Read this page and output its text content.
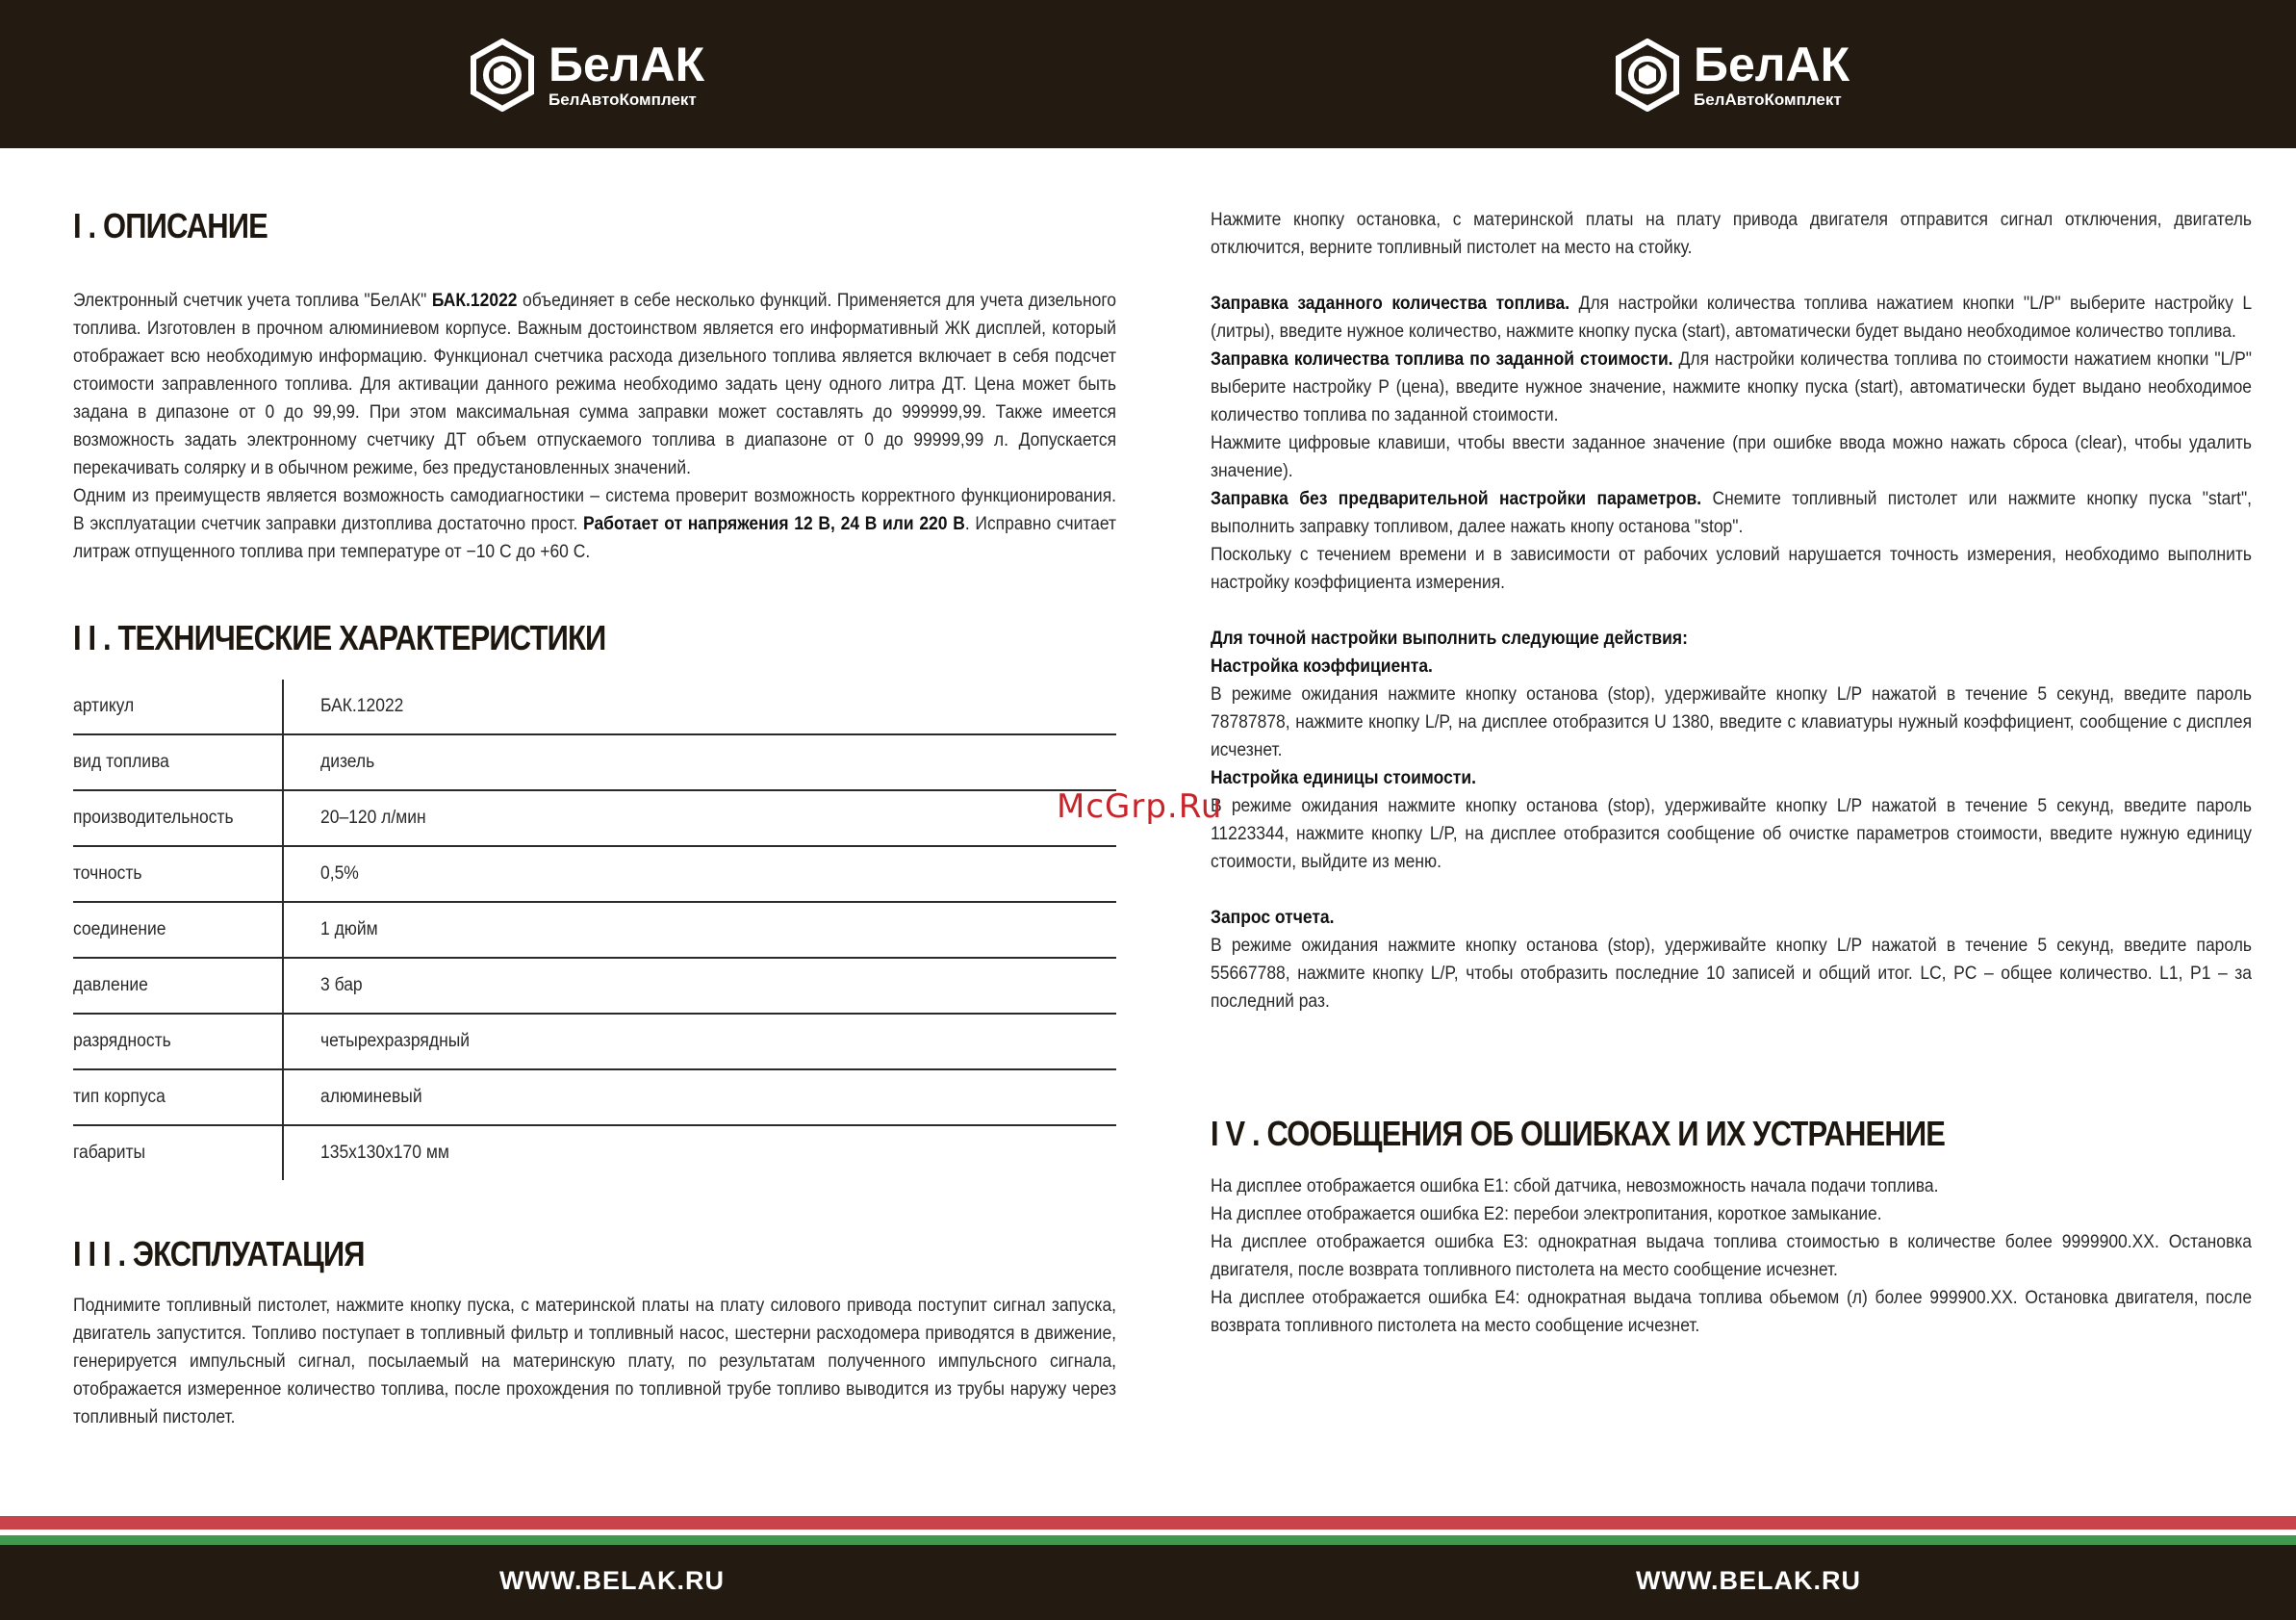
БелАК
БелАвтоКомплект
БелАК
БелАвтоКомплект
I . ОПИСАНИЕ

Электронный счетчик учета топлива "БелАК" БАК.12022 объединяет в себе несколько функций. Применяется для учета дизельного топлива. Изготовлен в прочном алюминиевом корпусе. Важным достоинством является его информативный ЖК дисплей, который отображает всю необходимую информацию. Функционал счетчика расхода дизельного топлива является включает в себя подсчет стоимости заправленного топлива. Для активации данного режима необходимо задать цену одного литра ДТ. Цена может быть задана в дипазоне от 0 до 99,99. При этом максимальная сумма заправки может составлять до 999999,99. Также имеется возможность задать электронному счетчику ДТ объем отпускаемого топлива в диапазоне от 0 до 99999,99 л. Допускается перекачивать солярку и в обычном режиме, без предустановленных значений.

Одним из преимуществ является возможность самодиагностики – система проверит возможность корректного функционирования. В эксплуатации счетчик заправки дизтоплива достаточно прост. Работает от напряжения 12 В, 24 В или 220 В. Исправно считает литраж отпущенного топлива при температуре от −10 С до +60 С.

I I . ТЕХНИЧЕСКИЕ ХАРАКТЕРИСТИКИ
артикул	БАК.12022
вид топлива	дизель
производительность	20–120 л/мин
точность	0,5%
соединение	1 дюйм
давление	3 бар
разрядность	четырехразрядный
тип корпуса	алюминевый
габариты	135х130х170 мм
I I I . ЭКСПЛУАТАЦИЯ

Поднимите топливный пистолет, нажмите кнопку пуска, с материнской платы на плату силового привода поступит сигнал запуска, двигатель запустится. Топливо поступает в топливный фильтр и топливный насос, шестерни расходомера приводятся в движение, генерируется импульсный сигнал, посылаемый на материнскую плату, по результатам полученного импульсного сигнала, отображается измеренное количество топлива, после прохождения по топливной трубе топливо выводится из трубы наружу через топливный пистолет.

Нажмите кнопку остановка, с материнской платы на плату привода двигателя отправится сигнал отключения, двигатель отключится, верните топливный пистолет на место на стойку.

Заправка заданного количества топлива. Для настройки количества топлива нажатием кнопки "L/P" выберите настройку L (литры), введите нужное количество, нажмите кнопку пуска (start), автоматически будет выдано необходимое количество топлива.

Заправка количества топлива по заданной стоимости. Для настройки количества топлива по стоимости нажатием кнопки "L/P" выберите настройку P (цена), введите нужное значение, нажмите кнопку пуска (start), автоматически будет выдано необходимое количество топлива по заданной стоимости.

Нажмите цифровые клавиши, чтобы ввести заданное значение (при ошибке ввода можно нажать сброса (clear), чтобы удалить значение).

Заправка без предварительной настройки параметров. Снемите топливный пистолет или нажмите кнопку пуска "start", выполнить заправку топливом, далее нажать кнопу останова "stop".

Поскольку с течением времени и в зависимости от рабочих условий нарушается точность измерения, необходимо выполнить настройку коэффициента измерения.

Для точной настройки выполнить следующие действия:

Настройка коэффициента.

В режиме ожидания нажмите кнопку останова (stop), удерживайте кнопку L/P нажатой в течение 5 секунд, введите пароль 78787878, нажмите кнопку L/P, на дисплее отобразится U 1380, введите с клавиатуры нужный коэффициент, сообщение с дисплея исчезнет.

Настройка единицы стоимости.

В режиме ожидания нажмите кнопку останова (stop), удерживайте кнопку L/P нажатой в течение 5 секунд, введите пароль 11223344, нажмите кнопку L/P, на дисплее отобразится сообщение об очистке параметров стоимости, введите нужную единицу стоимости, выйдите из меню.

Запрос отчета.

В режиме ожидания нажмите кнопку останова (stop), удерживайте кнопку L/P нажатой в течение 5 секунд, введите пароль 55667788, нажмите кнопку L/P, чтобы отобразить последние 10 записей и общий итог. LC, PC – общее количество. L1, P1 – за последний раз.

I V . СООБЩЕНИЯ ОБ ОШИБКАХ И ИХ УСТРАНЕНИЕ

На дисплее отображается ошибка E1: сбой датчика, невозможность начала подачи топлива.

На дисплее отображается ошибка E2: перебои электропитания, короткое замыкание.

На дисплее отображается ошибка E3: однократная выдача топлива стоимостью в количестве более 9999900.XX. Остановка двигателя, после возврата топливного пистолета на место сообщение исчезнет.

На дисплее отображается ошибка E4: однократная выдача топлива обьемом (л) более 999900.XX. Остановка двигателя, после возврата топливного пистолета на место сообщение исчезнет.

McGrp.Ru
WWW.BELAK.RU	WWW.BELAK.RU
